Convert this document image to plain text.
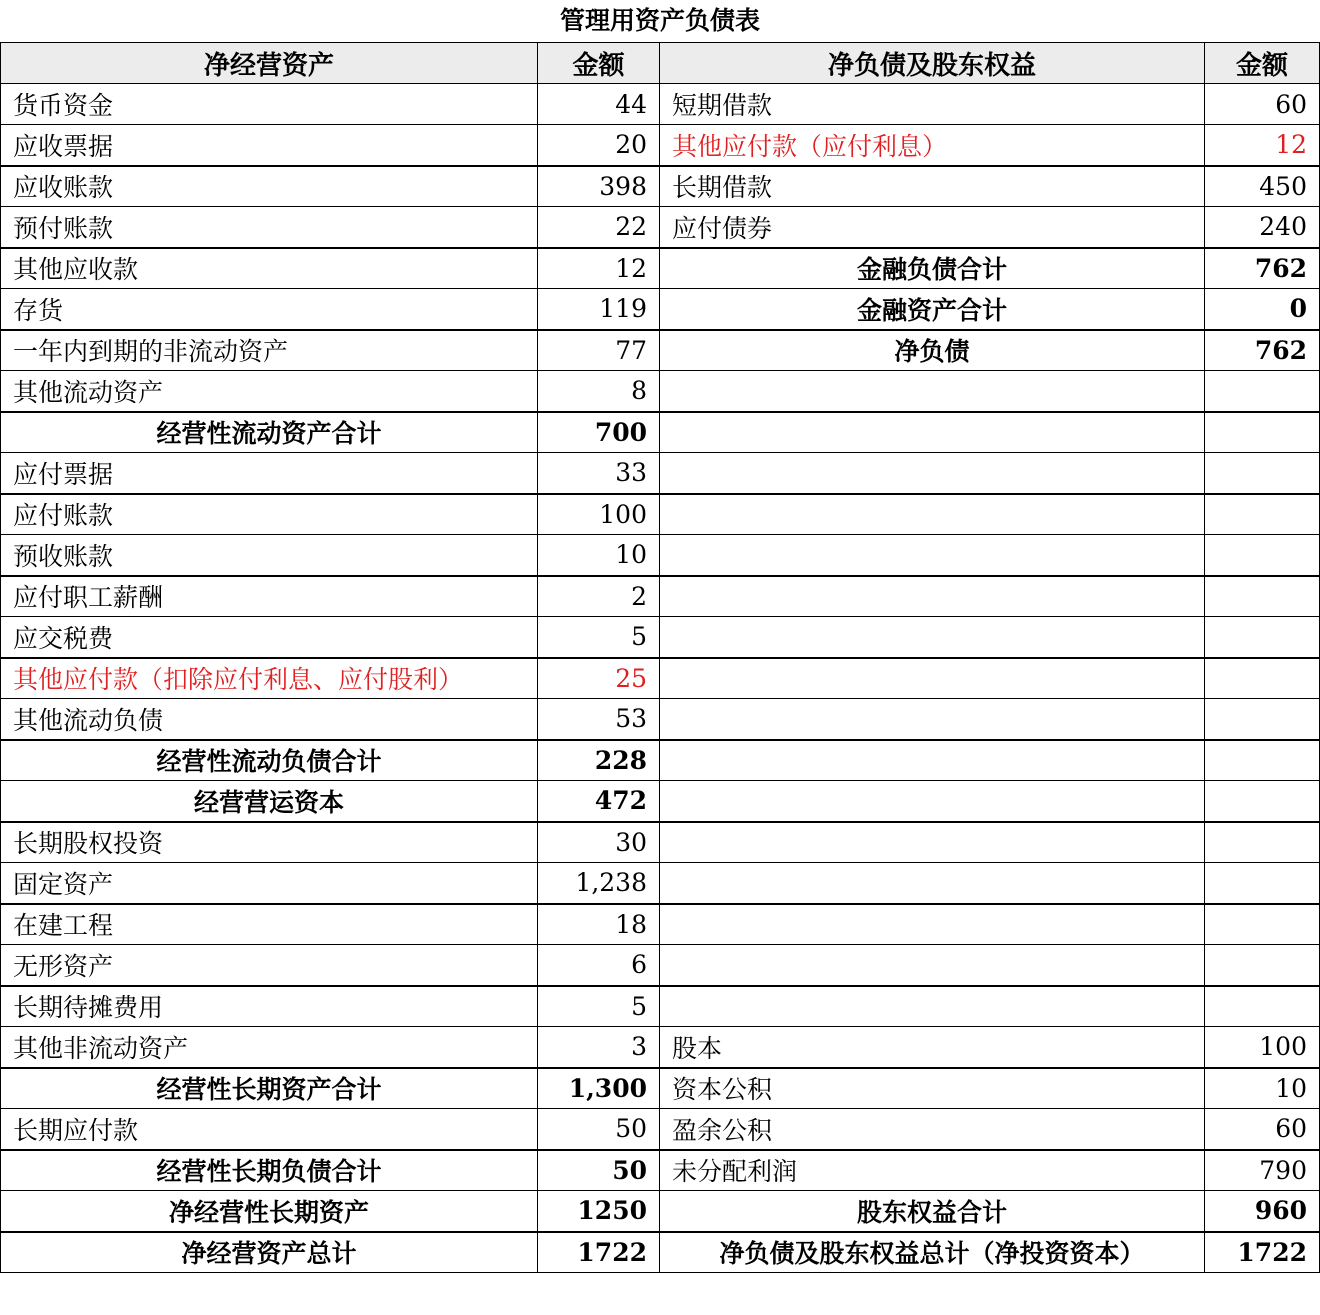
管理用资产负债表
净经营资产	金额	净负债及股东权益	金额
货币资金	44	短期借款	60
应收票据	20	其他应付款（应付利息）	12
应收账款	398	长期借款	450
预付账款	22	应付债券	240
其他应收款	12	金融负债合计	762
存货	119	金融资产合计	0
一年内到期的非流动资产	77	净负债	762
其他流动资产	8		
经营性流动资产合计	700		
应付票据	33		
应付账款	100		
预收账款	10		
应付职工薪酬	2		
应交税费	5		
其他应付款（扣除应付利息、应付股利）	25		
其他流动负债	53		
经营性流动负债合计	228		
经营营运资本	472		
长期股权投资	30		
固定资产	1,238		
在建工程	18		
无形资产	6		
长期待摊费用	5		
其他非流动资产	3	股本	100
经营性长期资产合计	1,300	资本公积	10
长期应付款	50	盈余公积	60
经营性长期负债合计	50	未分配利润	790
净经营性长期资产	1250	股东权益合计	960
净经营资产总计	1722	净负债及股东权益总计（净投资资本）	1722
